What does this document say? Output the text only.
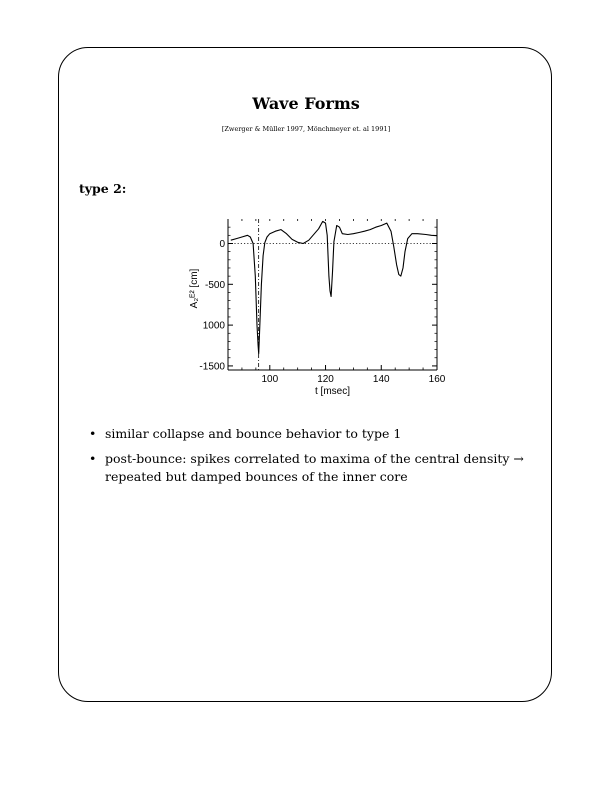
Wave Forms
[Zwerger & Müller 1997, Mönchmeyer et. al 1991]
type 2:
100	120	140	160
0
-500
1000
-1500
t [msec]
A₂ᴱ² [cm]
• similar collapse and bounce behavior to type 1
• post-bounce: spikes correlated to maxima of the central density → repeated but damped bounces of the inner core
